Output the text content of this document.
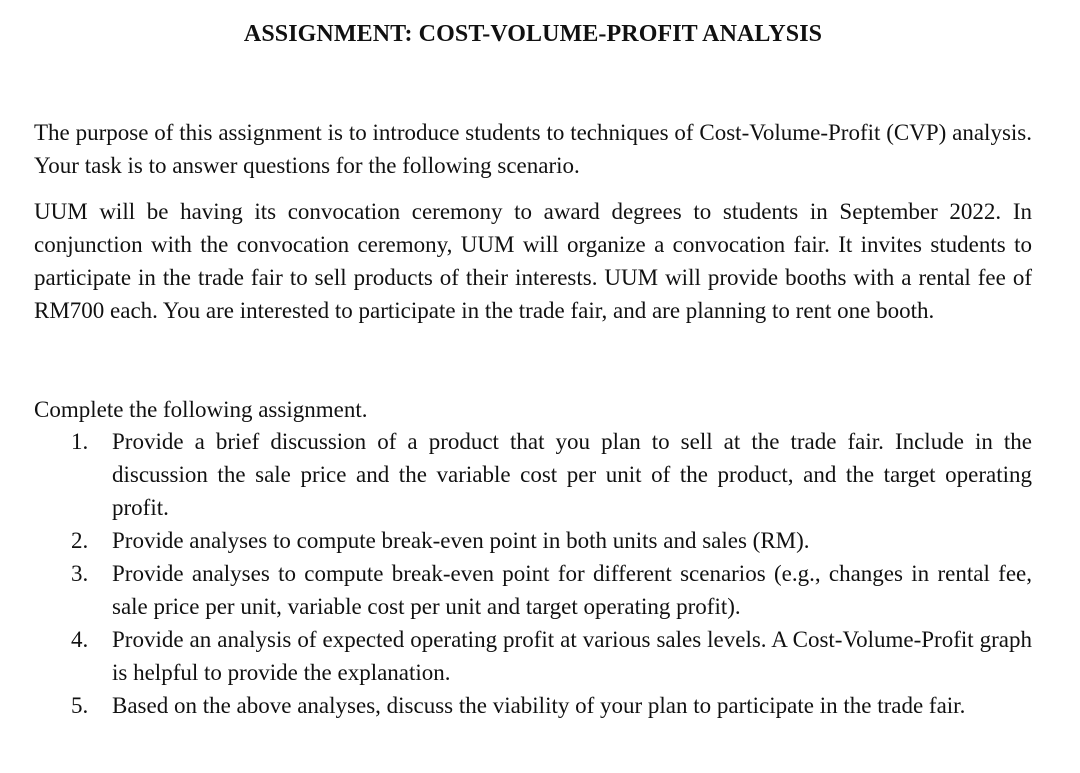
ASSIGNMENT: COST-VOLUME-PROFIT ANALYSIS

The purpose of this assignment is to introduce students to techniques of Cost-Volume-Profit (CVP) analysis. Your task is to answer questions for the following scenario.

UUM will be having its convocation ceremony to award degrees to students in September 2022. In conjunction with the convocation ceremony, UUM will organize a convocation fair. It invites students to participate in the trade fair to sell products of their interests. UUM will provide booths with a rental fee of RM700 each. You are interested to participate in the trade fair, and are planning to rent one booth.

Complete the following assignment.

1.	Provide a brief discussion of a product that you plan to sell at the trade fair. Include in the discussion the sale price and the variable cost per unit of the product, and the target operating profit.
2.	Provide analyses to compute break-even point in both units and sales (RM).
3.	Provide analyses to compute break-even point for different scenarios (e.g., changes in rental fee, sale price per unit, variable cost per unit and target operating profit).
4.	Provide an analysis of expected operating profit at various sales levels. A Cost-Volume-Profit graph is helpful to provide the explanation.
5.	Based on the above analyses, discuss the viability of your plan to participate in the trade fair.
